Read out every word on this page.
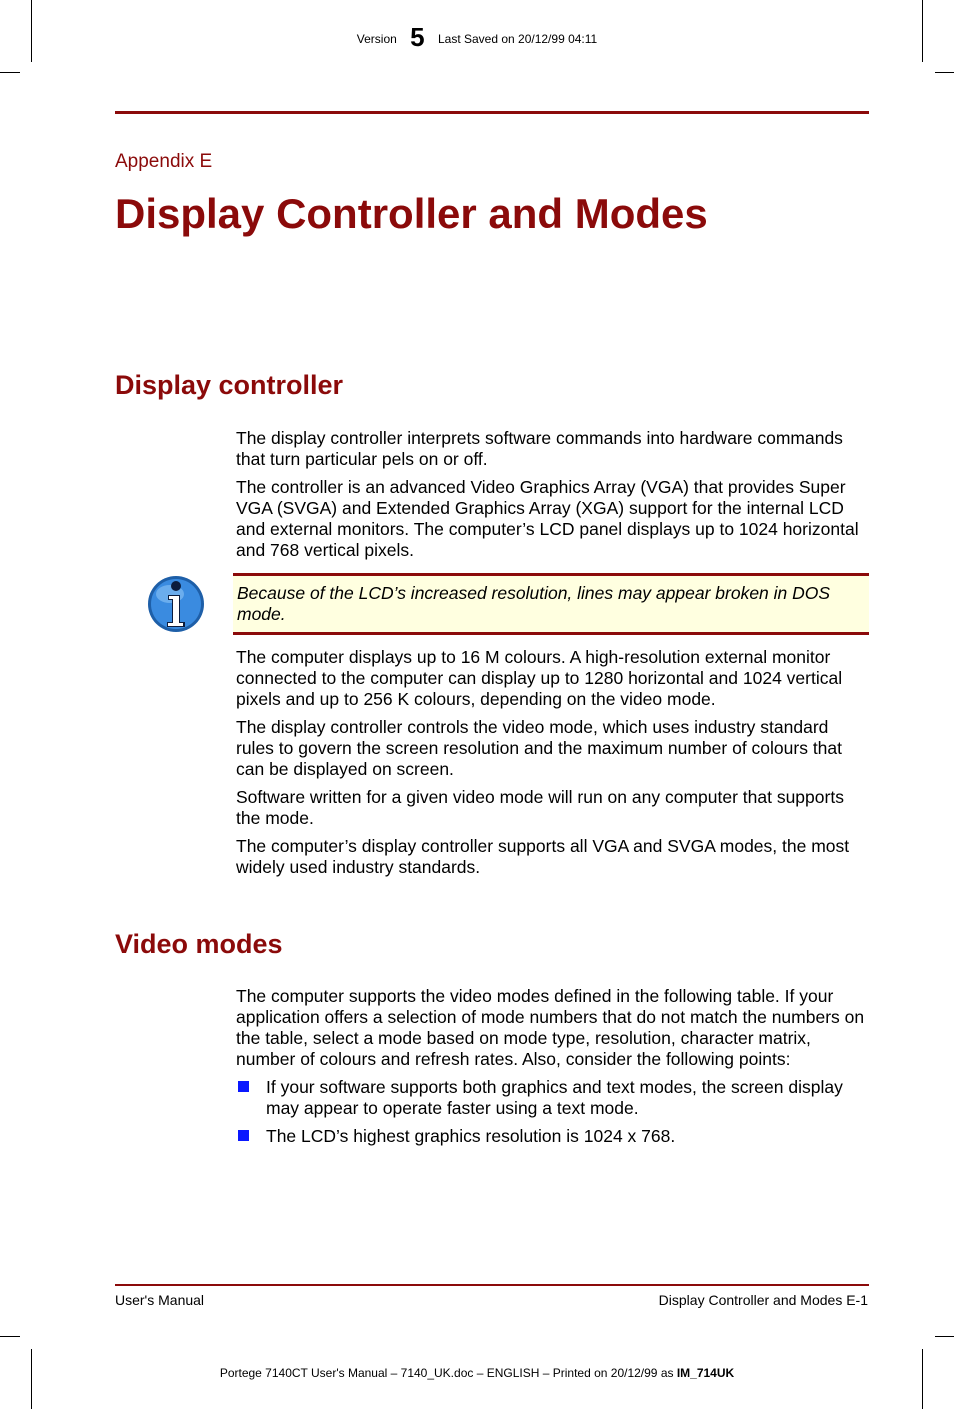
Version 5 Last Saved on 20/12/99 04:11
Appendix E
Display Controller and Modes
Display controller

The display controller interprets software commands into hardware commands that turn particular pels on or off.

The controller is an advanced Video Graphics Array (VGA) that provides Super VGA (SVGA) and Extended Graphics Array (XGA) support for the internal LCD and external monitors. The computer’s LCD panel displays up to 1024 horizontal and 768 vertical pixels.

Because of the LCD’s increased resolution, lines may appear broken in DOS mode.

The computer displays up to 16 M colours. A high-resolution external monitor connected to the computer can display up to 1280 horizontal and 1024 vertical pixels and up to 256 K colours, depending on the video mode.

The display controller controls the video mode, which uses industry standard rules to govern the screen resolution and the maximum number of colours that can be displayed on screen.

Software written for a given video mode will run on any computer that supports the mode.

The computer’s display controller supports all VGA and SVGA modes, the most widely used industry standards.

Video modes

The computer supports the video modes defined in the following table. If your application offers a selection of mode numbers that do not match the numbers on the table, select a mode based on mode type, resolution, character matrix, number of colours and refresh rates. Also, consider the following points:

If your software supports both graphics and text modes, the screen display may appear to operate faster using a text mode.
The LCD’s highest graphics resolution is 1024 x 768.
User's Manual	Display Controller and Modes E-1
Portege 7140CT User's Manual – 7140_UK.doc – ENGLISH – Printed on 20/12/99 as IM_714UK
